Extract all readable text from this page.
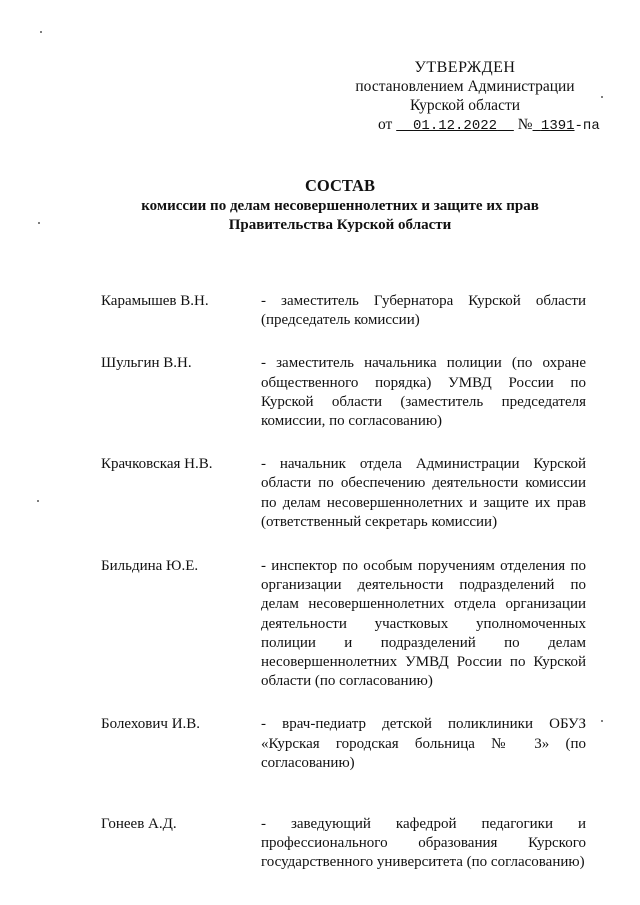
УТВЕРЖДЕН
постановлением Администрации
Курской области
от 01.12.2022 № 1391-па
СОСТАВ
комиссии по делам несовершеннолетних и защите их прав
Правительства Курской области
Карамышев В.Н.	- заместитель Губернатора Курской области (председатель комиссии)
Шульгин В.Н.	- заместитель начальника полиции (по охране общественного порядка) УМВД России по Курской области (заместитель председателя комиссии, по согласованию)
Крачковская Н.В.	- начальник отдела Администрации Курской области по обеспечению деятельности комиссии по делам несовершеннолетних и защите их прав (ответственный секретарь комиссии)
Бильдина Ю.Е.	- инспектор по особым поручениям отделения по организации деятельности подразделений по делам несовершеннолетних отдела организации деятельности участковых уполномоченных полиции и подразделений по делам несовершеннолетних УМВД России по Курской области (по согласованию)
Болехович И.В.	- врач-педиатр детской поликлиники ОБУЗ «Курская городская больница № 3» (по согласованию)
Гонеев А.Д.	- заведующий кафедрой педагогики и профессионального образования Курского государственного университета (по согласованию)
